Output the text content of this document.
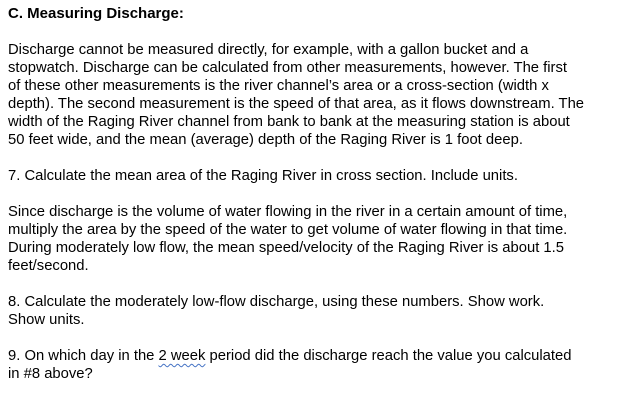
C. Measuring Discharge:
Discharge cannot be measured directly, for example, with a gallon bucket and a
stopwatch. Discharge can be calculated from other measurements, however. The first
of these other measurements is the river channel’s area or a cross-section (width x
depth). The second measurement is the speed of that area, as it flows downstream. The
width of the Raging River channel from bank to bank at the measuring station is about
50 feet wide, and the mean (average) depth of the Raging River is 1 foot deep.
7. Calculate the mean area of the Raging River in cross section. Include units.
Since discharge is the volume of water flowing in the river in a certain amount of time,
multiply the area by the speed of the water to get volume of water flowing in that time.
During moderately low flow, the mean speed/velocity of the Raging River is about 1.5
feet/second.
8. Calculate the moderately low-flow discharge, using these numbers. Show work.
Show units.
9. On which day in the 2 week period did the discharge reach the value you calculated
in #8 above?
